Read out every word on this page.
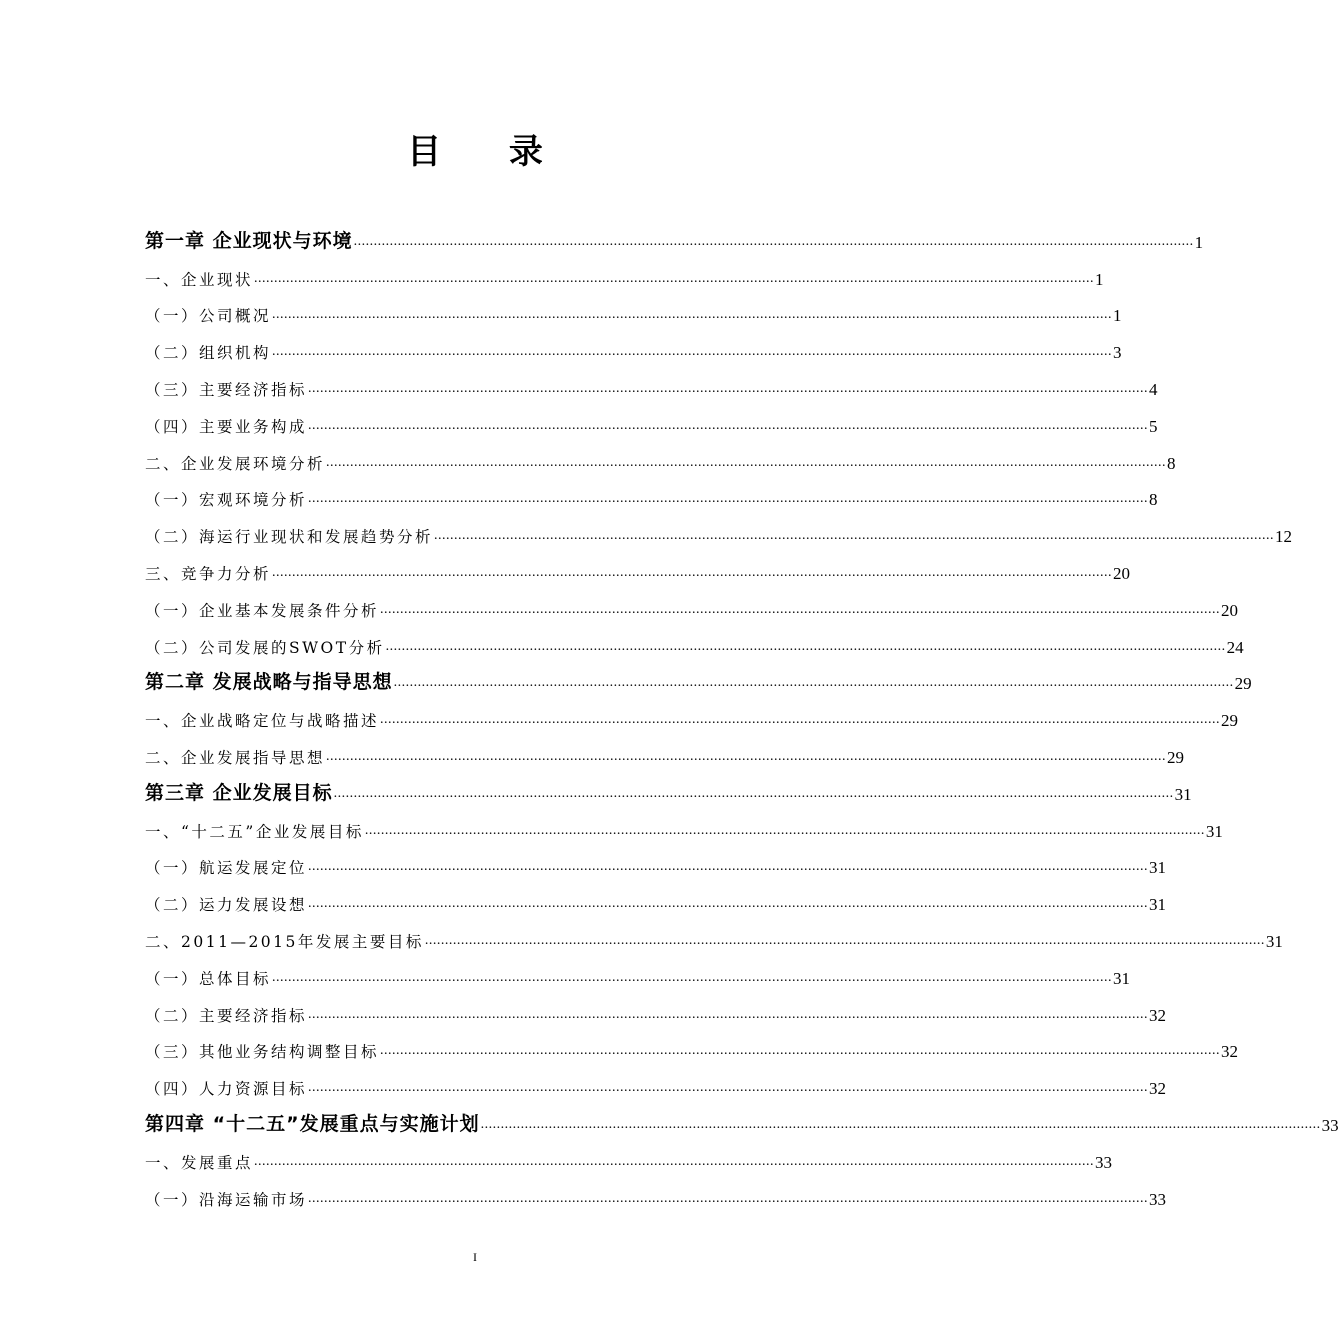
目 录
第一章 企业现状与环境 .................................................................................................................................................................................................................. 1
一、企业现状 .................................................................................................................................................................................................................. 1
（一）公司概况 .................................................................................................................................................................................................................. 1
（二）组织机构 .................................................................................................................................................................................................................. 3
（三）主要经济指标 .................................................................................................................................................................................................................. 4
（四）主要业务构成 .................................................................................................................................................................................................................. 5
二、企业发展环境分析 .................................................................................................................................................................................................................. 8
（一）宏观环境分析 .................................................................................................................................................................................................................. 8
（二）海运行业现状和发展趋势分析 .................................................................................................................................................................................................................. 12
三、竞争力分析 .................................................................................................................................................................................................................. 20
（一）企业基本发展条件分析 .................................................................................................................................................................................................................. 20
（二）公司发展的SWOT分析 .................................................................................................................................................................................................................. 24
第二章 发展战略与指导思想 .................................................................................................................................................................................................................. 29
一、企业战略定位与战略描述 .................................................................................................................................................................................................................. 29
二、企业发展指导思想 .................................................................................................................................................................................................................. 29
第三章 企业发展目标 .................................................................................................................................................................................................................. 31
一、“十二五”企业发展目标 .................................................................................................................................................................................................................. 31
（一）航运发展定位 .................................................................................................................................................................................................................. 31
（二）运力发展设想 .................................................................................................................................................................................................................. 31
二、2011—2015年发展主要目标 .................................................................................................................................................................................................................. 31
（一）总体目标 .................................................................................................................................................................................................................. 31
（二）主要经济指标 .................................................................................................................................................................................................................. 32
（三）其他业务结构调整目标 .................................................................................................................................................................................................................. 32
（四）人力资源目标 .................................................................................................................................................................................................................. 32
第四章 “十二五”发展重点与实施计划 .................................................................................................................................................................................................................. 33
一、发展重点 .................................................................................................................................................................................................................. 33
（一）沿海运输市场 .................................................................................................................................................................................................................. 33
I
